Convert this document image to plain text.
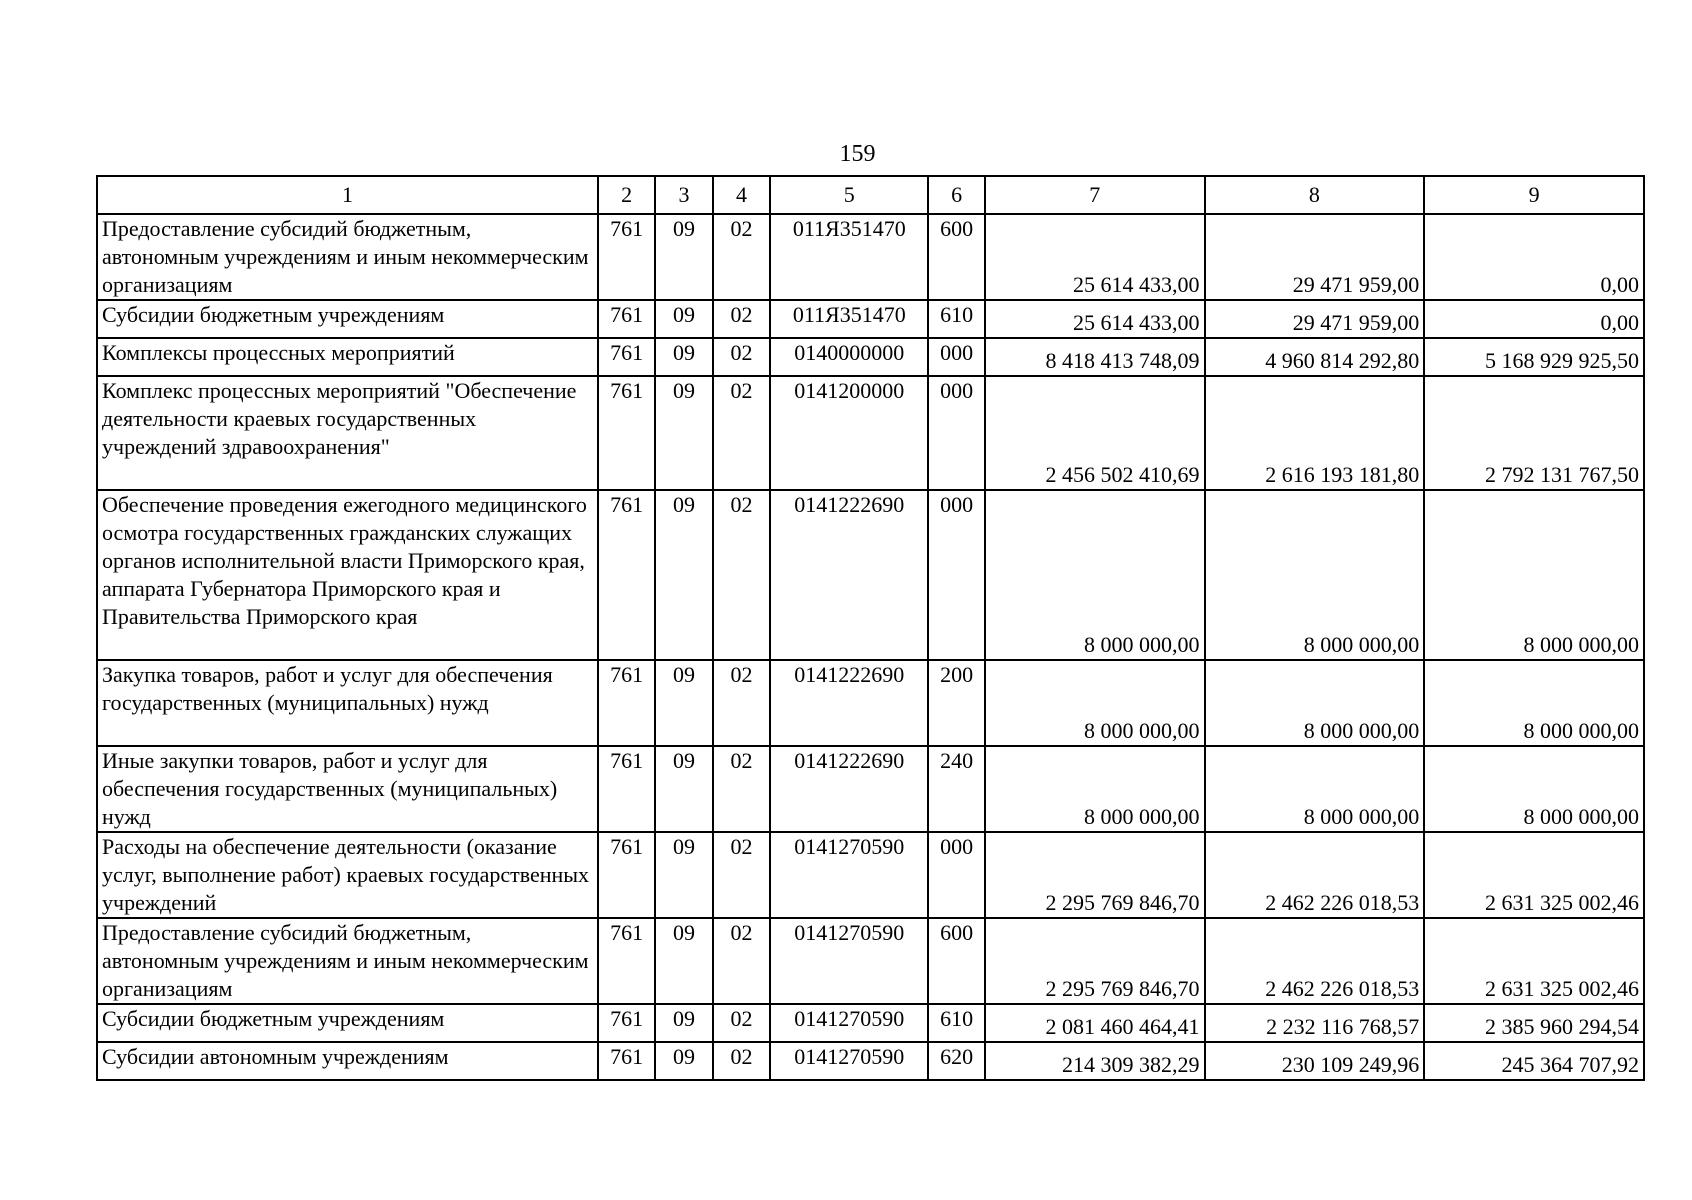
159
1	2	3	4	5	6	7	8	9
Предоставление субсидий бюджетным, автономным учреждениям и иным некоммерческим организациям	761	09	02	011Я351470	600	25 614 433,00	29 471 959,00	0,00
Субсидии бюджетным учреждениям	761	09	02	011Я351470	610	25 614 433,00	29 471 959,00	0,00
Комплексы процессных мероприятий	761	09	02	0140000000	000	8 418 413 748,09	4 960 814 292,80	5 168 929 925,50
Комплекс процессных мероприятий "Обеспечение деятельности краевых государственных учреждений здравоохранения"	761	09	02	0141200000	000	2 456 502 410,69	2 616 193 181,80	2 792 131 767,50
Обеспечение проведения ежегодного медицинского осмотра государственных гражданских служащих органов исполнительной власти Приморского края, аппарата Губернатора Приморского края и Правительства Приморского края	761	09	02	0141222690	000	8 000 000,00	8 000 000,00	8 000 000,00
Закупка товаров, работ и услуг для обеспечения государственных (муниципальных) нужд	761	09	02	0141222690	200	8 000 000,00	8 000 000,00	8 000 000,00
Иные закупки товаров, работ и услуг для обеспечения государственных (муниципальных) нужд	761	09	02	0141222690	240	8 000 000,00	8 000 000,00	8 000 000,00
Расходы на обеспечение деятельности (оказание услуг, выполнение работ) краевых государственных учреждений	761	09	02	0141270590	000	2 295 769 846,70	2 462 226 018,53	2 631 325 002,46
Предоставление субсидий бюджетным, автономным учреждениям и иным некоммерческим организациям	761	09	02	0141270590	600	2 295 769 846,70	2 462 226 018,53	2 631 325 002,46
Субсидии бюджетным учреждениям	761	09	02	0141270590	610	2 081 460 464,41	2 232 116 768,57	2 385 960 294,54
Субсидии автономным учреждениям	761	09	02	0141270590	620	214 309 382,29	230 109 249,96	245 364 707,92
